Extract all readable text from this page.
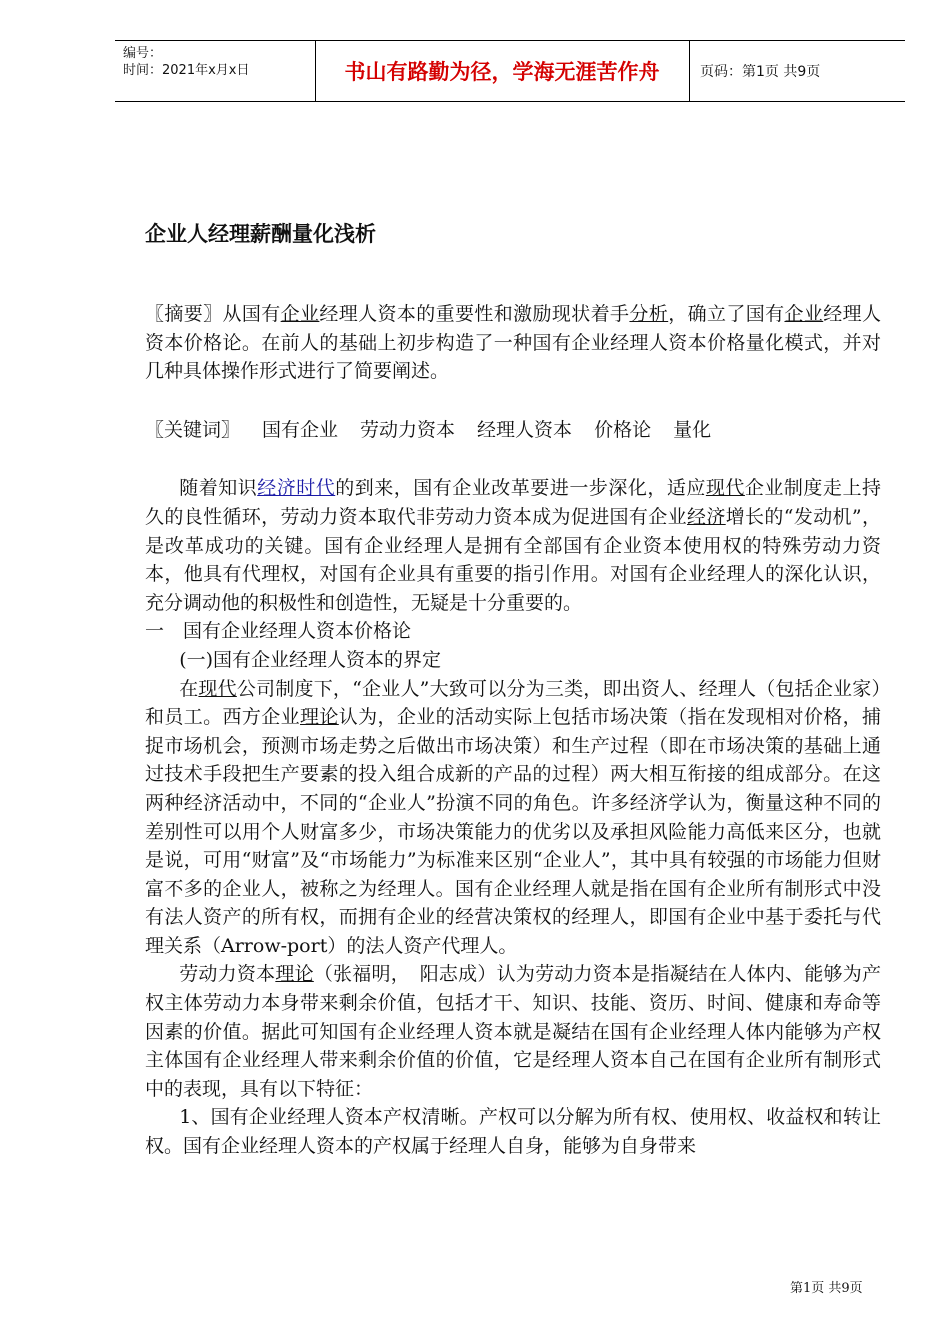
编号：
时间：2021年x月x日	书山有路勤为径，学海无涯苦作舟	页码：第1页 共9页
企业人经理薪酬量化浅析

〖摘要〗从国有企业经理人资本的重要性和激励现状着手分析，确立了国有企业经理人资本价格论。在前人的基础上初步构造了一种国有企业经理人资本价格量化模式，并对几种具体操作形式进行了简要阐述。

〖关键词〗 国有企业 劳动力资本 经理人资本 价格论 量化

随着知识经济时代的到来，国有企业改革要进一步深化，适应现代企业制度走上持久的良性循环，劳动力资本取代非劳动力资本成为促进国有企业经济增长的“发动机”，是改革成功的关键。国有企业经理人是拥有全部国有企业资本使用权的特殊劳动力资本，他具有代理权，对国有企业具有重要的指引作用。对国有企业经理人的深化认识，充分调动他的积极性和创造性，无疑是十分重要的。

一　国有企业经理人资本价格论

(一)国有企业经理人资本的界定

在现代公司制度下，“企业人”大致可以分为三类，即出资人、经理人（包括企业家）和员工。西方企业理论认为，企业的活动实际上包括市场决策（指在发现相对价格，捕捉市场机会，预测市场走势之后做出市场决策）和生产过程（即在市场决策的基础上通过技术手段把生产要素的投入组合成新的产品的过程）两大相互衔接的组成部分。在这两种经济活动中，不同的“企业人”扮演不同的角色。许多经济学认为，衡量这种不同的差别性可以用个人财富多少，市场决策能力的优劣以及承担风险能力高低来区分，也就是说，可用“财富”及“市场能力”为标准来区别“企业人”，其中具有较强的市场能力但财富不多的企业人，被称之为经理人。国有企业经理人就是指在国有企业所有制形式中没有法人资产的所有权，而拥有企业的经营决策权的经理人，即国有企业中基于委托与代理关系（Arrow-port）的法人资产代理人。

劳动力资本理论（张福明，　阳志成）认为劳动力资本是指凝结在人体内、能够为产权主体劳动力本身带来剩余价值，包括才干、知识、技能、资历、时间、健康和寿命等因素的价值。据此可知国有企业经理人资本就是凝结在国有企业经理人体内能够为产权主体国有企业经理人带来剩余价值的价值，它是经理人资本自己在国有企业所有制形式中的表现，具有以下特征：

1、国有企业经理人资本产权清晰。产权可以分解为所有权、使用权、收益权和转让权。国有企业经理人资本的产权属于经理人自身，能够为自身带来

第1页 共9页
